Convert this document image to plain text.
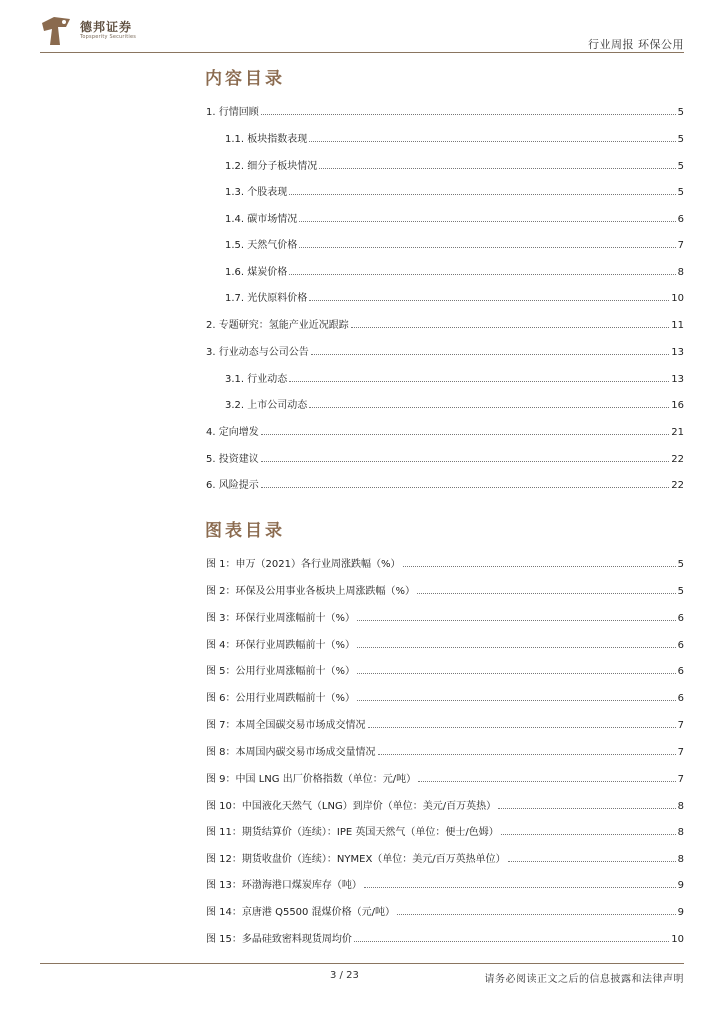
德邦证券
Topsperity Securities
行业周报 环保公用
内容目录
1. 行情回顾	5
1.1. 板块指数表现	5
1.2. 细分子板块情况	5
1.3. 个股表现	5
1.4. 碳市场情况	6
1.5. 天然气价格	7
1.6. 煤炭价格	8
1.7. 光伏原料价格	10
2. 专题研究：氢能产业近况跟踪	11
3. 行业动态与公司公告	13
3.1. 行业动态	13
3.2. 上市公司动态	16
4. 定向增发	21
5. 投资建议	22
6. 风险提示	22
图表目录
图 1：申万（2021）各行业周涨跌幅（%）	5
图 2：环保及公用事业各板块上周涨跌幅（%）	5
图 3：环保行业周涨幅前十（%）	6
图 4：环保行业周跌幅前十（%）	6
图 5：公用行业周涨幅前十（%）	6
图 6：公用行业周跌幅前十（%）	6
图 7：本周全国碳交易市场成交情况	7
图 8：本周国内碳交易市场成交量情况	7
图 9：中国 LNG 出厂价格指数（单位：元/吨）	7
图 10：中国液化天然气（LNG）到岸价（单位：美元/百万英热）	8
图 11：期货结算价（连续）：IPE 英国天然气（单位：便士/色姆）	8
图 12：期货收盘价（连续）：NYMEX（单位：美元/百万英热单位）	8
图 13：环渤海港口煤炭库存（吨）	9
图 14：京唐港 Q5500 混煤价格（元/吨）	9
图 15：多晶硅致密料现货周均价	10
3 / 23	请务必阅读正文之后的信息披露和法律声明
